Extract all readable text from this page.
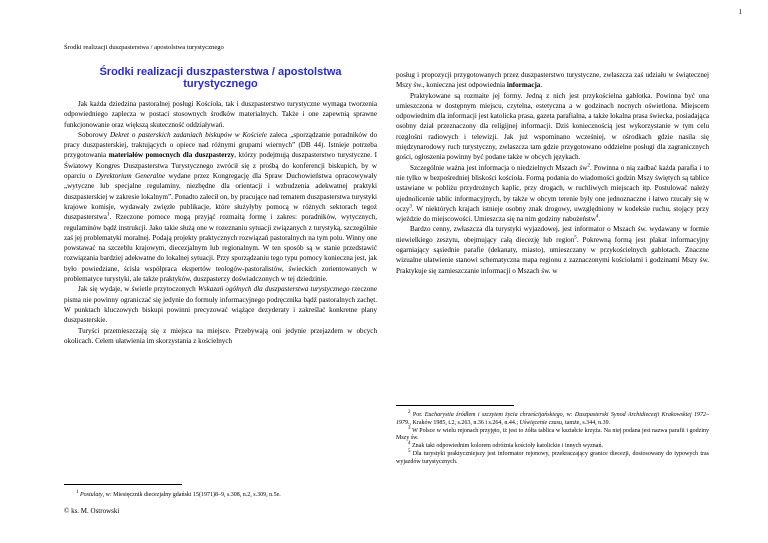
1
Środki realizacji duszpasterstwa / apostolstwa turystycznego
Środki realizacji duszpasterstwa / apostolstwa turystycznego

Jak każda dziedzina pastoralnej posługi Kościoła, tak i duszpasterstwo turystyczne wymaga tworzenia odpowiedniego zaplecza w postaci stosownych środków materialnych. Także i one zapewnią sprawne funkcjonowanie oraz większą skuteczność oddziaływań.

Soborowy Dekret o pasterskich zadaniach biskupów w Kościele zaleca „sporządzanie poradników do pracy duszpasterskiej, traktujących o opiece nad różnymi grupami wiernych” (DB 44). Istnieje potrzeba przygotowania materiałów pomocnych dla duszpasterzy, którzy podejmują duszpasterstwo turystyczne. I Światowy Kongres Duszpasterstwa Turystycznego zwrócił się z prośbą do konferencji biskupich, by w oparciu o Dyrektorium Generalne wydane przez Kongregację dla Spraw Duchowieństwa opracowywały „wytyczne lub specjalne regulaminy, niezbędne dla orientacji i wzbudzenia adekwatnej praktyki duszpasterskiej w zakresie lokalnym”. Ponadto zalecił on, by pracujące nad tematem duszpasterstwa turystyki krajowe komisje, wydawały zwięzłe publikacje, które służyłyby pomocą w różnych sektorach tegoż duszpasterstwa$^1$. Rzeczone pomoce mogą przyjąć rozmaitą formę i zakres: poradników, wytycznych, regulaminów bądź instrukcji. Jako takie służą one w rozeznaniu sytuacji związanych z turystyką, szczególnie zaś jej problematyki moralnej. Podają projekty praktycznych rozwiązań pastoralnych na tym polu. Winny one powstawać na szczeblu krajowym, diecezjalnym lub regionalnym. W ten sposób są w stanie przedstawić rozwiązania bardziej adekwatne do lokalnej sytuacji. Przy sporządzaniu tego typu pomocy konieczna jest, jak było powiedziane, ścisła współpraca ekspertów teologów-pastoralistów, świeckich zorientowanych w problematyce turystyki, ale także praktyków, duszpasterzy doświadczonych w tej dziedzinie.

Jak się wydaje, w świetle przytoczonych Wskazań ogólnych dla duszpasterstwa turystycznego rzeczone pisma nie powinny ograniczać się jedynie do formuły informacyjnego podręcznika bądź pastoralnych zachęt. W punktach kluczowych biskupi powinni precyzować wiążące dezyderaty i zakreślać konkretne plany duszpasterskie.

Turyści przemieszczają się z miejsca na miejsce. Przebywają oni jedynie przejazdem w obcych okolicach. Celem ułatwienia im skorzystania z kościelnych

$^1$ Postulaty, w: Miesięcznik diecezjalny gdański 15(1971)8–9, s.308, n.2, s.309, n.5e.

© ks. M. Ostrowski

posług i propozycji przygotowanych przez duszpasterstwo turystyczne, zwłaszcza zaś udziału w świątecznej Mszy św., konieczna jest odpowiednia informacja.

Praktykowane są rozmaite jej formy. Jedną z nich jest przykościelna gablotka. Powinna być ona umieszczona w dostępnym miejscu, czytelna, estetyczna a w godzinach nocnych oświetlona. Miejscem odpowiednim dla informacji jest katolicka prasa, gazeta parafialna, a także lokalna prasa świecka, posiadająca osobny dział przeznaczony dla religijnej informacji. Dziś koniecznością jest wykorzystanie w tym celu rozgłośni radiowych i telewizji. Jak już wspominano wcześniej, w ośrodkach gdzie nasila się międzynarodowy ruch turystyczny, zwłaszcza tam gdzie przygotowano oddzielne posługi dla zagranicznych gości, ogłoszenia powinny być podane także w obcych językach.

Szczególnie ważna jest informacja o niedzielnych Mszach $św^2$. Powinna o nią zadbać każda parafia i to nie tylko w bezpośredniej bliskości kościoła. Formą podania do wiadomości godzin Mszy świętych są tablice ustawiane w pobliżu przydrożnych kaplic, przy drogach, w ruchliwych miejscach itp. Postulować należy ujednolicenie tablic informacyjnych, by także w obcym terenie były one jednoznaczne i łatwo rzucały się w oczy$^3$. W niektórych krajach istnieje osobny znak drogowy, uwzględniony w kodeksie ruchu, stojący przy wjeździe do miejscowości. Umieszcza się na nim godziny nabożeństw$^4$.

Bardzo cenny, zwłaszcza dla turystyki wyjazdowej, jest informator o Mszach św. wydawany w formie niewielkiego zeszytu, obejmujący całą diecezję lub region$^5$. Pokrewną formą jest plakat informacyjny ogarniający sąsiednie parafie (dekanaty, miasto), umieszczany w przykościelnych gablotach. Znaczne wizualne ułatwienie stanowi schematyczna mapa regionu z zaznaczonymi kościołami i godzinami Mszy św. Praktykuje się zamieszczanie informacji o Mszach św. w

$^2$ Por. Eucharystia źródłem i szczytem życia chrześcijańskiego, w: Duszpasterski Synod Archidiecezji Krakowskiej 1972–1979., Kraków 1985, t.2, s.263, n.36 i s.264, n.44.; Uświęcenie czasu, tamże, s.344, n.39.

$^3$ W Polsce w wielu rejonach przyjęto, iż jest to żółta tablica w kształcie krzyża. Na niej podana jest nazwa parafii i godziny Mszy św.

$^4$ Znak taki odpowiednim kolorem odróżnia kościoły katolickie i innych wyznań.

$^5$ Dla turystyki praktyczniejszy jest informator rejonowy, przekraczający granice diecezji, dostosowany do typowych tras wyjazdów turystycznych.
